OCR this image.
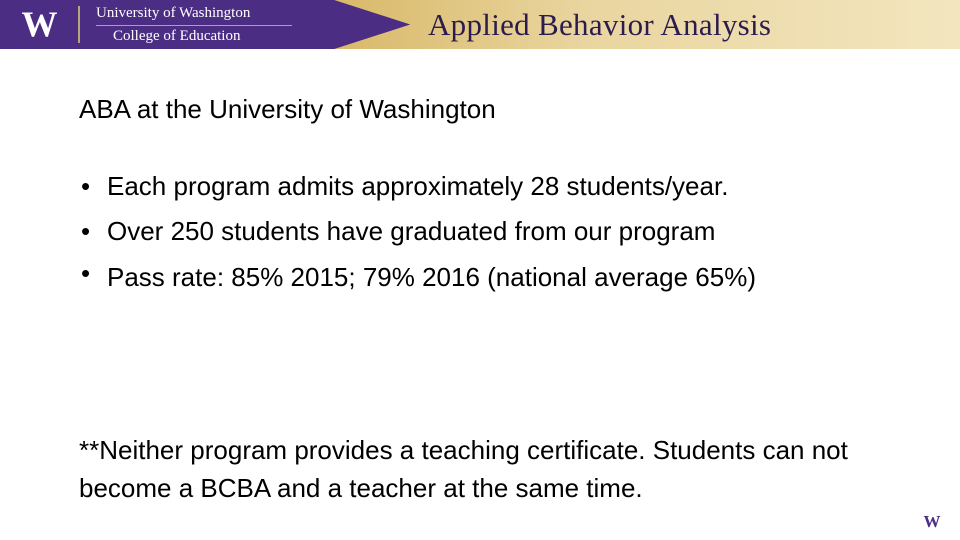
W	University of Washington
College of Education	Applied Behavior Analysis
ABA at the University of Washington
• Each program admits approximately 28 students/year.
• Over 250 students have graduated from our program
• Pass rate: 85% 2015; 79% 2016 (national average 65%)

**Neither program provides a teaching certificate. Students can not become a BCBA and a teacher at the same time.

W
